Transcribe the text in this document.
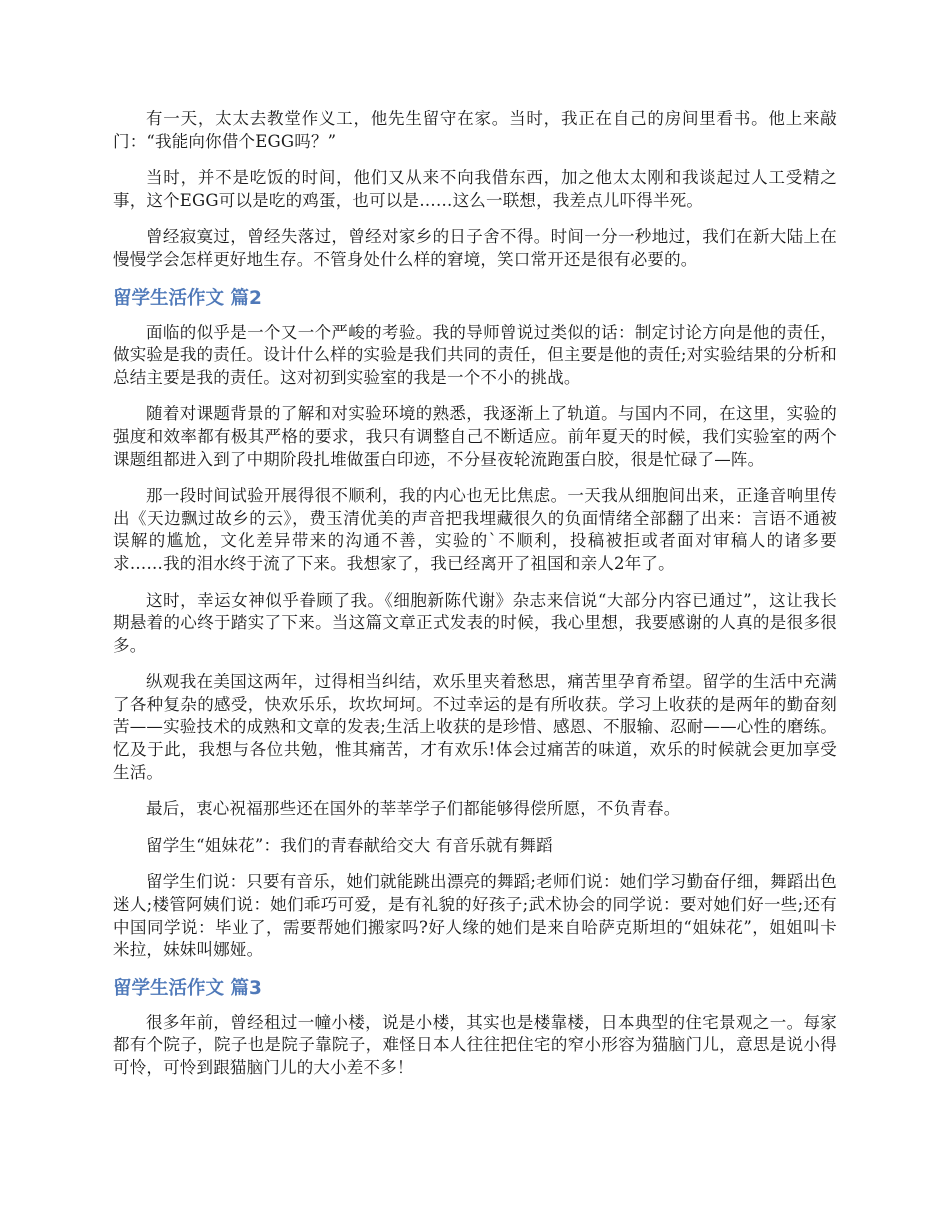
有一天，太太去教堂作义工，他先生留守在家。当时，我正在自己的房间里看书。他上来敲门：“我能向你借个EGG吗？”

当时，并不是吃饭的时间，他们又从来不向我借东西，加之他太太刚和我谈起过人工受精之事，这个EGG可以是吃的鸡蛋，也可以是……这么一联想，我差点儿吓得半死。

曾经寂寞过，曾经失落过，曾经对家乡的日子舍不得。时间一分一秒地过，我们在新大陆上在慢慢学会怎样更好地生存。不管身处什么样的窘境，笑口常开还是很有必要的。

留学生活作文 篇2

面临的似乎是一个又一个严峻的考验。我的导师曾说过类似的话：制定讨论方向是他的责任，做实验是我的责任。设计什么样的实验是我们共同的责任，但主要是他的责任;对实验结果的分析和总结主要是我的责任。这对初到实验室的我是一个不小的挑战。

随着对课题背景的了解和对实验环境的熟悉，我逐渐上了轨道。与国内不同，在这里，实验的强度和效率都有极其严格的要求，我只有调整自己不断适应。前年夏天的时候，我们实验室的两个课题组都进入到了中期阶段扎堆做蛋白印迹，不分昼夜轮流跑蛋白胶，很是忙碌了—阵。

那一段时间试验开展得很不顺利，我的内心也无比焦虑。一天我从细胞间出来，正逢音响里传出《天边飘过故乡的云》，费玉清优美的声音把我埋藏很久的负面情绪全部翻了出来：言语不通被误解的尴尬，文化差异带来的沟通不善，实验的`不顺利，投稿被拒或者面对审稿人的诸多要求……我的泪水终于流了下来。我想家了，我已经离开了祖国和亲人2年了。

这时，幸运女神似乎眷顾了我。《细胞新陈代谢》杂志来信说“大部分内容已通过”，这让我长期悬着的心终于踏实了下来。当这篇文章正式发表的时候，我心里想，我要感谢的人真的是很多很多。

纵观我在美国这两年，过得相当纠结，欢乐里夹着愁思，痛苦里孕育希望。留学的生活中充满了各种复杂的感受，快欢乐乐，坎坎坷坷。不过幸运的是有所收获。学习上收获的是两年的勤奋刻苦——实验技术的成熟和文章的发表;生活上收获的是珍惜、感恩、不服输、忍耐——心性的磨练。忆及于此，我想与各位共勉，惟其痛苦，才有欢乐!体会过痛苦的味道，欢乐的时候就会更加享受生活。

最后，衷心祝福那些还在国外的莘莘学子们都能够得偿所愿，不负青春。

留学生“姐妹花”：我们的青春献给交大 有音乐就有舞蹈

留学生们说：只要有音乐，她们就能跳出漂亮的舞蹈;老师们说：她们学习勤奋仔细，舞蹈出色迷人;楼管阿姨们说：她们乖巧可爱，是有礼貌的好孩子;武术协会的同学说：要对她们好一些;还有中国同学说：毕业了，需要帮她们搬家吗?好人缘的她们是来自哈萨克斯坦的“姐妹花”，姐姐叫卡米拉，妹妹叫娜娅。

留学生活作文 篇3

很多年前，曾经租过一幢小楼，说是小楼，其实也是楼靠楼，日本典型的住宅景观之一。每家都有个院子，院子也是院子靠院子，难怪日本人往往把住宅的窄小形容为猫脑门儿，意思是说小得可怜，可怜到跟猫脑门儿的大小差不多！
